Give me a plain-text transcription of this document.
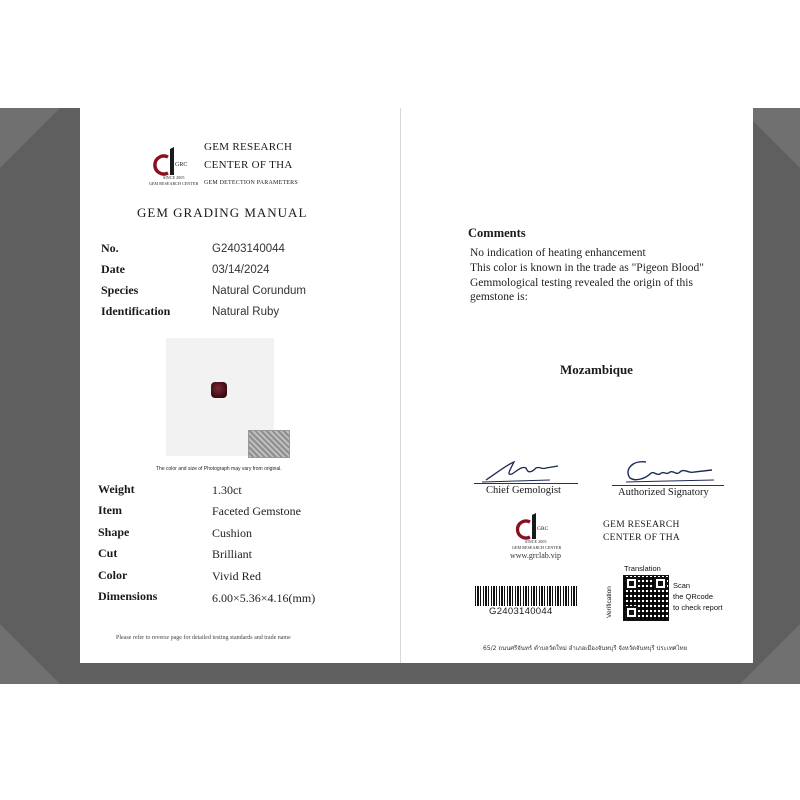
GRC
SINCE 2005
GEM RESEARCH CENTER
GEM RESEARCH
CENTER OF THA
GEM DETECTION PARAMETERS
GEM GRADING MANUAL
No.	G2403140044
Date	03/14/2024
Species	Natural Corundum
Identification	Natural Ruby
The color and size of Photograph may vary from original.
Weight	1.30ct
Item	Faceted Gemstone
Shape	Cushion
Cut	Brilliant
Color	Vivid Red
Dimensions	6.00×5.36×4.16(mm)
Please refer to reverse page for detailed testing standards and trade name
Comments
No indication of heating enhancement
This color is known in the trade as "Pigeon Blood"
Gemmological testing revealed the origin of this
gemstone is:
Mozambique
Chief Gemologist	Authorized Signatory
GRC
SINCE 2005
GEM RESEARCH CENTER
www.grclab.vip
GEM RESEARCH
CENTER OF THA
G2403140044
Translation
Verification
Scan
the QRcode
to check report
65/2 ถนนศรีจันทร์ ตำบลวัดใหม่ อำเภอเมืองจันทบุรี จังหวัดจันทบุรี ประเทศไทย
